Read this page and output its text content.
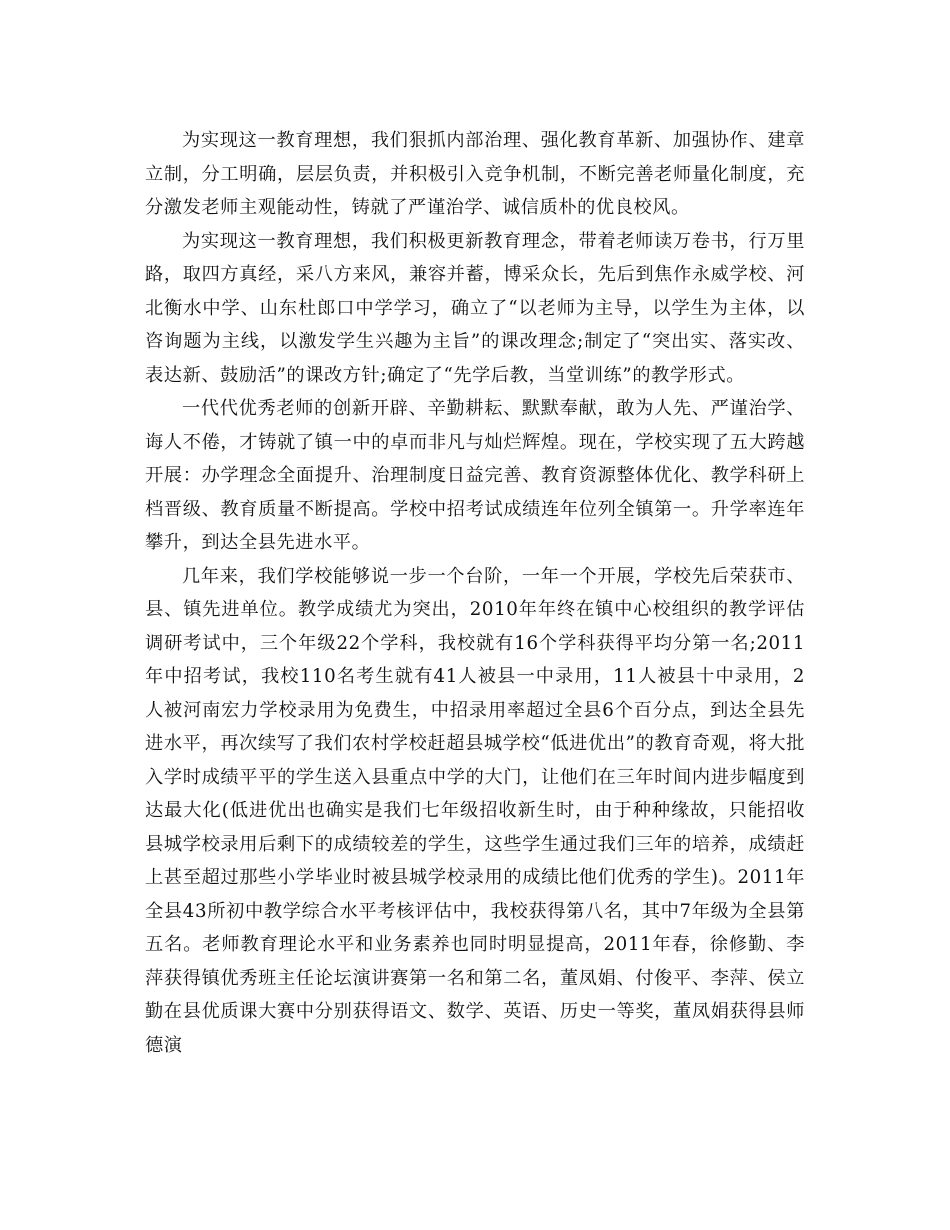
为实现这一教育理想，我们狠抓内部治理、强化教育革新、加强协作、建章立制，分工明确，层层负责，并积极引入竞争机制，不断完善老师量化制度，充分激发老师主观能动性，铸就了严谨治学、诚信质朴的优良校风。

为实现这一教育理想，我们积极更新教育理念，带着老师读万卷书，行万里路，取四方真经，采八方来风，兼容并蓄，博采众长，先后到焦作永威学校、河北衡水中学、山东杜郎口中学学习，确立了“以老师为主导，以学生为主体，以咨询题为主线，以激发学生兴趣为主旨”的课改理念;制定了“突出实、落实改、表达新、鼓励活”的课改方针;确定了“先学后教，当堂训练”的教学形式。

一代代优秀老师的创新开辟、辛勤耕耘、默默奉献，敢为人先、严谨治学、诲人不倦，才铸就了镇一中的卓而非凡与灿烂辉煌。现在，学校实现了五大跨越开展：办学理念全面提升、治理制度日益完善、教育资源整体优化、教学科研上档晋级、教育质量不断提高。学校中招考试成绩连年位列全镇第一。升学率连年攀升，到达全县先进水平。

几年来，我们学校能够说一步一个台阶，一年一个开展，学校先后荣获市、县、镇先进单位。教学成绩尤为突出，2010年年终在镇中心校组织的教学评估调研考试中，三个年级22个学科，我校就有16个学科获得平均分第一名;2011年中招考试，我校110名考生就有41人被县一中录用，11人被县十中录用，2人被河南宏力学校录用为免费生，中招录用率超过全县6个百分点，到达全县先进水平，再次续写了我们农村学校赶超县城学校“低进优出”的教育奇观，将大批入学时成绩平平的学生送入县重点中学的大门，让他们在三年时间内进步幅度到达最大化(低进优出也确实是我们七年级招收新生时，由于种种缘故，只能招收县城学校录用后剩下的成绩较差的学生，这些学生通过我们三年的培养，成绩赶上甚至超过那些小学毕业时被县城学校录用的成绩比他们优秀的学生)。2011年全县43所初中教学综合水平考核评估中，我校获得第八名，其中7年级为全县第五名。老师教育理论水平和业务素养也同时明显提高，2011年春，徐修勤、李萍获得镇优秀班主任论坛演讲赛第一名和第二名，董凤娟、付俊平、李萍、侯立勤在县优质课大赛中分别获得语文、数学、英语、历史一等奖，董凤娟获得县师德演
